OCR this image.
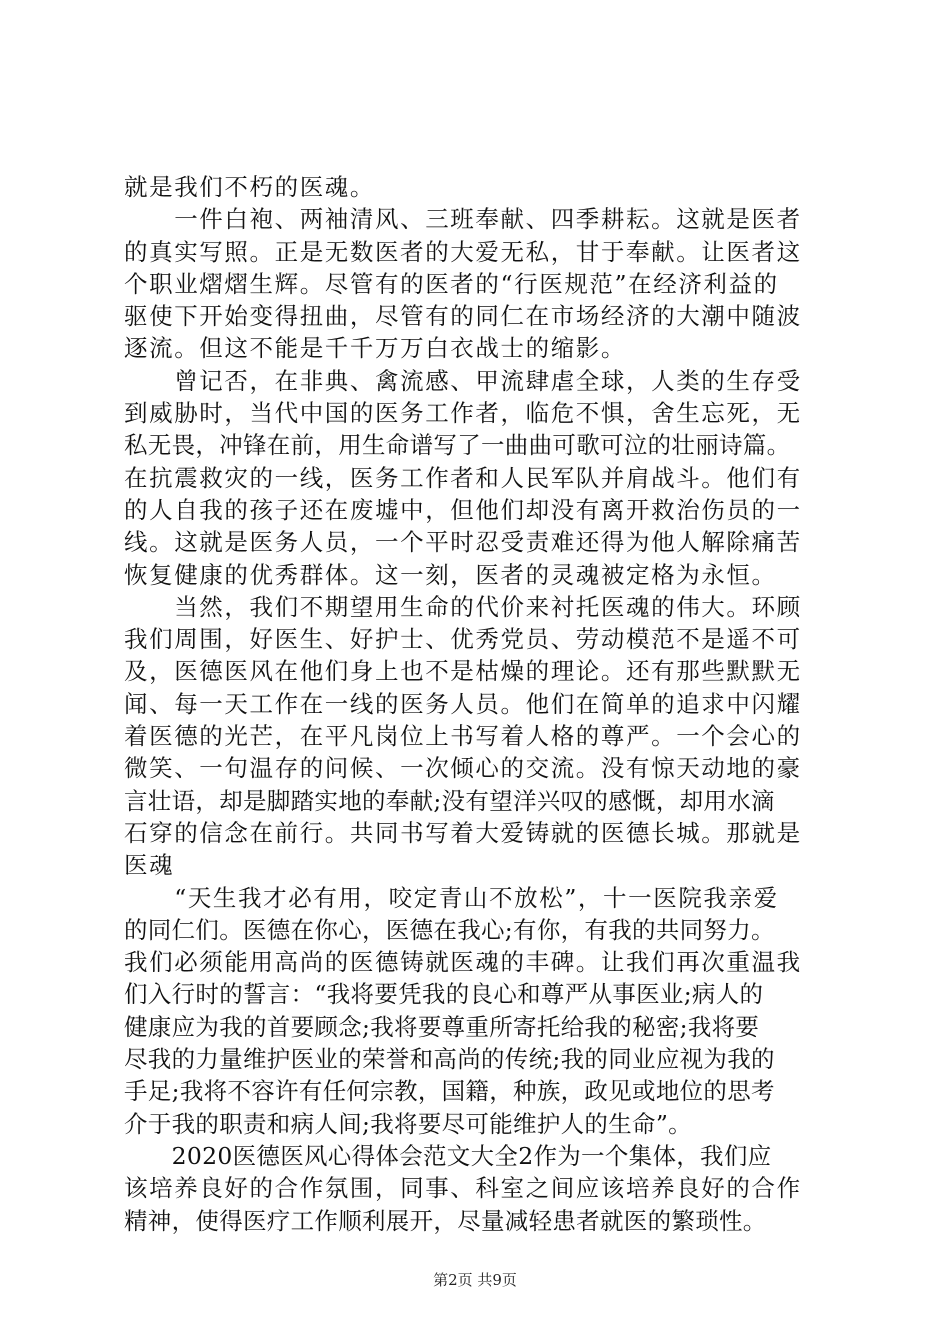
就是我们不朽的医魂。
　　一件白袍、两袖清风、三班奉献、四季耕耘。这就是医者
的真实写照。正是无数医者的大爱无私，甘于奉献。让医者这
个职业熠熠生辉。尽管有的医者的“行医规范”在经济利益的
驱使下开始变得扭曲，尽管有的同仁在市场经济的大潮中随波
逐流。但这不能是千千万万白衣战士的缩影。
　　曾记否，在非典、禽流感、甲流肆虐全球，人类的生存受
到威胁时，当代中国的医务工作者，临危不惧，舍生忘死，无
私无畏，冲锋在前，用生命谱写了一曲曲可歌可泣的壮丽诗篇。
在抗震救灾的一线，医务工作者和人民军队并肩战斗。他们有
的人自我的孩子还在废墟中，但他们却没有离开救治伤员的一
线。这就是医务人员，一个平时忍受责难还得为他人解除痛苦
恢复健康的优秀群体。这一刻，医者的灵魂被定格为永恒。
　　当然，我们不期望用生命的代价来衬托医魂的伟大。环顾
我们周围，好医生、好护士、优秀党员、劳动模范不是遥不可
及，医德医风在他们身上也不是枯燥的理论。还有那些默默无
闻、每一天工作在一线的医务人员。他们在简单的追求中闪耀
着医德的光芒，在平凡岗位上书写着人格的尊严。一个会心的
微笑、一句温存的问候、一次倾心的交流。没有惊天动地的豪
言壮语，却是脚踏实地的奉献;没有望洋兴叹的感慨，却用水滴
石穿的信念在前行。共同书写着大爱铸就的医德长城。那就是
医魂
　　“天生我才必有用，咬定青山不放松”，十一医院我亲爱
的同仁们。医德在你心，医德在我心;有你，有我的共同努力。
我们必须能用高尚的医德铸就医魂的丰碑。让我们再次重温我
们入行时的誓言：“我将要凭我的良心和尊严从事医业;病人的
健康应为我的首要顾念;我将要尊重所寄托给我的秘密;我将要
尽我的力量维护医业的荣誉和高尚的传统;我的同业应视为我的
手足;我将不容许有任何宗教，国籍，种族，政见或地位的思考
介于我的职责和病人间;我将要尽可能维护人的生命”。
　　2020医德医风心得体会范文大全2作为一个集体，我们应
该培养良好的合作氛围，同事、科室之间应该培养良好的合作
精神，使得医疗工作顺利展开，尽量减轻患者就医的繁琐性。
第2页 共9页
